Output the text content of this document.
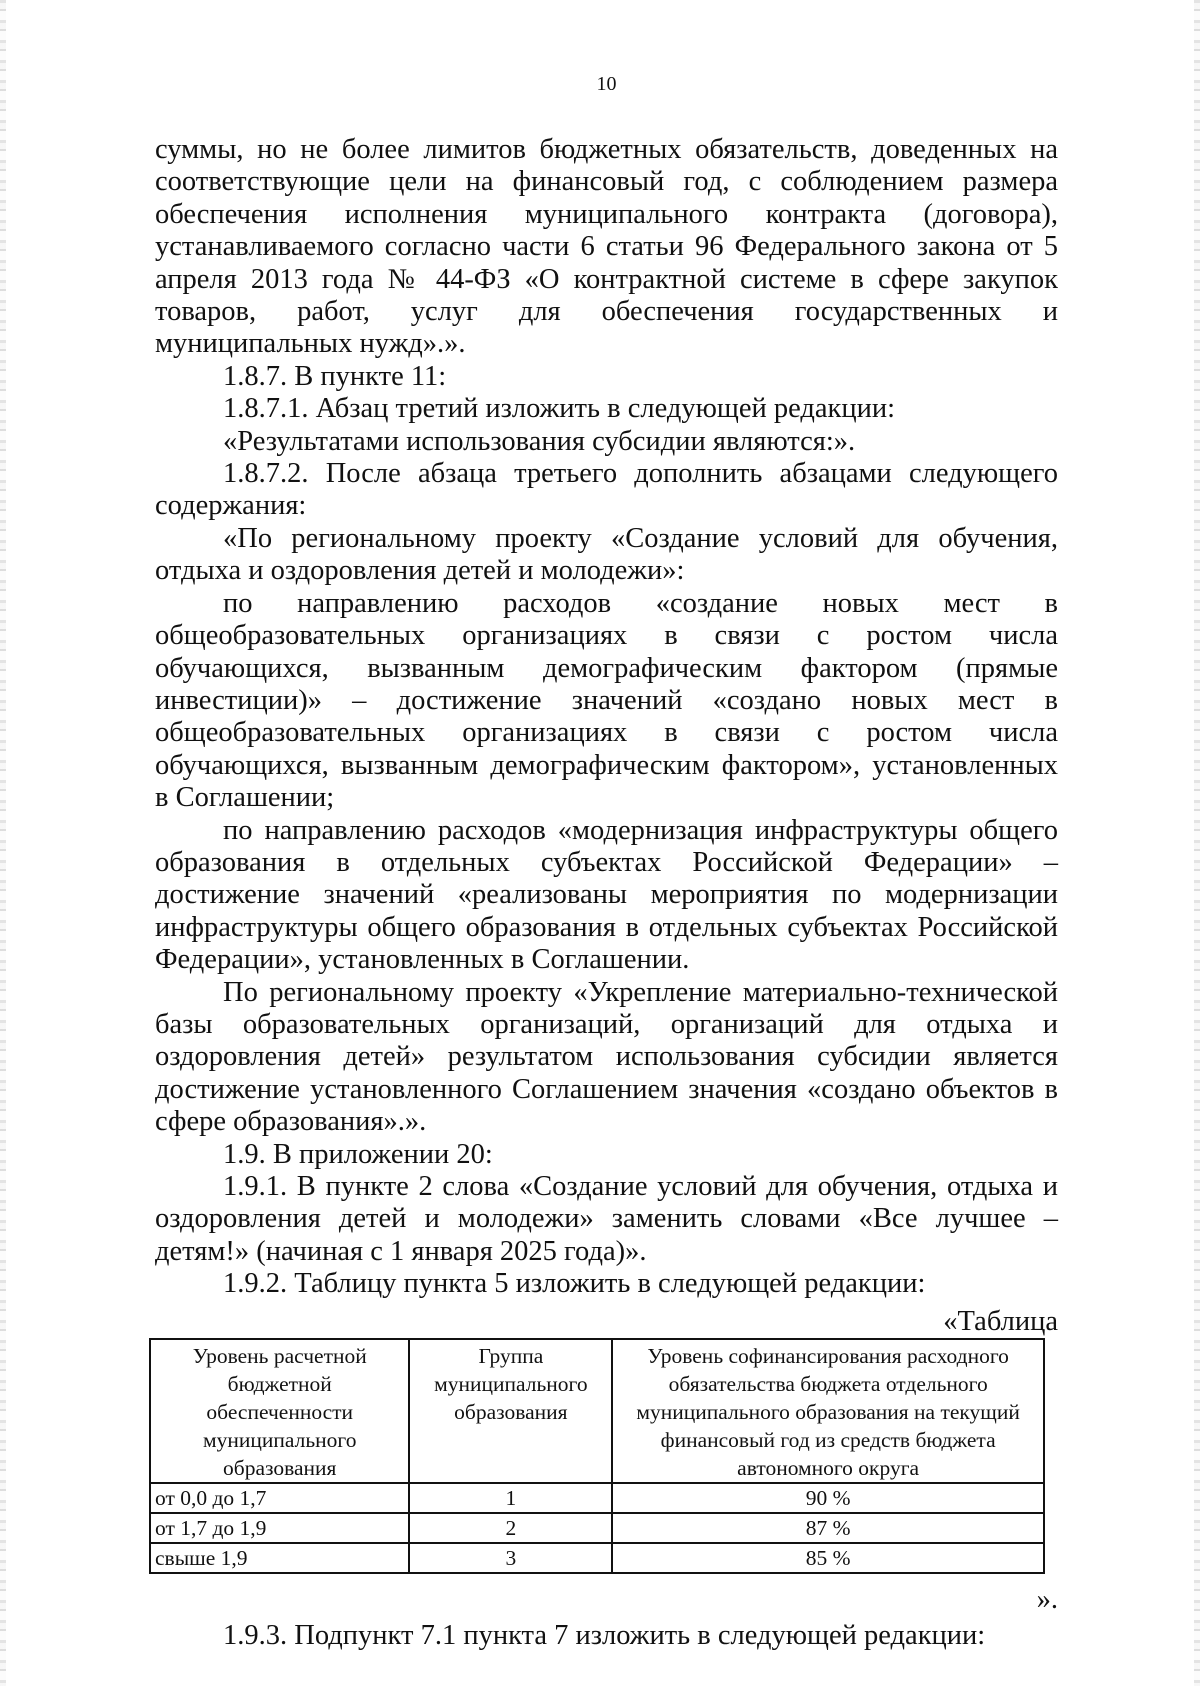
10

суммы, но не более лимитов бюджетных обязательств, доведенных на соответствующие цели на финансовый год, с соблюдением размера обеспечения исполнения муниципального контракта (договора), устанавливаемого согласно части 6 статьи 96 Федерального закона от 5 апреля 2013 года № 44-ФЗ «О контрактной системе в сфере закупок товаров, работ, услуг для обеспечения государственных и муниципальных нужд».».

1.8.7. В пункте 11:

1.8.7.1. Абзац третий изложить в следующей редакции:

«Результатами использования субсидии являются:».

1.8.7.2. После абзаца третьего дополнить абзацами следующего содержания:

«По региональному проекту «Создание условий для обучения, отдыха и оздоровления детей и молодежи»:

по направлению расходов «создание новых мест в общеобразовательных организациях в связи с ростом числа обучающихся, вызванным демографическим фактором (прямые инвестиции)» – достижение значений «создано новых мест в общеобразовательных организациях в связи с ростом числа обучающихся, вызванным демографическим фактором», установленных в Соглашении;

по направлению расходов «модернизация инфраструктуры общего образования в отдельных субъектах Российской Федерации» – достижение значений «реализованы мероприятия по модернизации инфраструктуры общего образования в отдельных субъектах Российской Федерации», установленных в Соглашении.

По региональному проекту «Укрепление материально-технической базы образовательных организаций, организаций для отдыха и оздоровления детей» результатом использования субсидии является достижение установленного Соглашением значения «создано объектов в сфере образования».».

1.9. В приложении 20:

1.9.1. В пункте 2 слова «Создание условий для обучения, отдыха и оздоровления детей и молодежи» заменить словами «Все лучшее – детям!» (начиная с 1 января 2025 года)».

1.9.2. Таблицу пункта 5 изложить в следующей редакции:

«Таблица
Уровень расчетной бюджетной обеспеченности муниципального образования	Группа муниципального образования	Уровень софинансирования расходного обязательства бюджета отдельного муниципального образования на текущий финансовый год из средств бюджета автономного округа
от 0,0 до 1,7	1	90 %
от 1,7 до 1,9	2	87 %
свыше 1,9	3	85 %
».

1.9.3. Подпункт 7.1 пункта 7 изложить в следующей редакции:
